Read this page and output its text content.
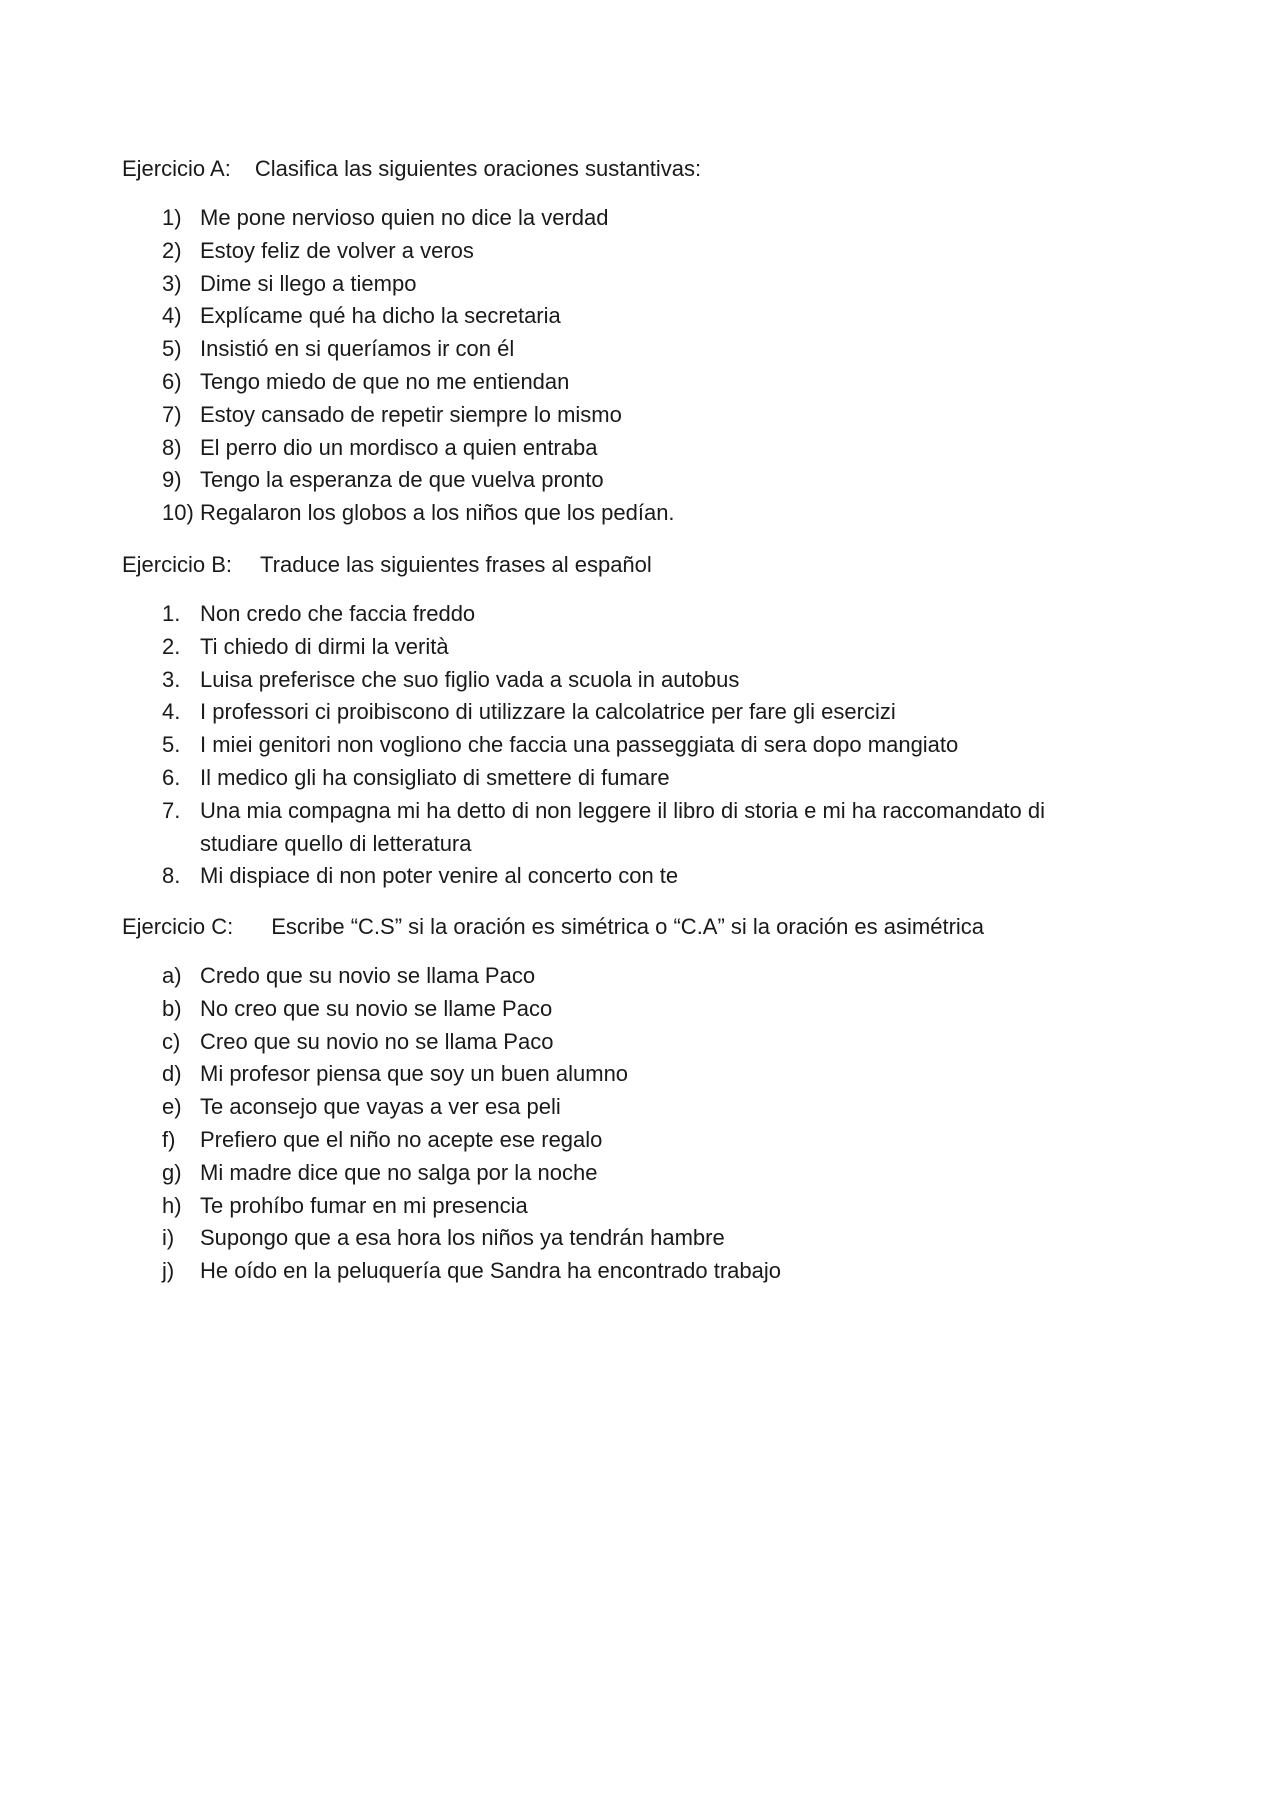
Ejercicio A: Clasifica las siguientes oraciones sustantivas:
1) Me pone nervioso quien no dice la verdad
2) Estoy feliz de volver a veros
3) Dime si llego a tiempo
4) Explícame qué ha dicho la secretaria
5) Insistió en si queríamos ir con él
6) Tengo miedo de que no me entiendan
7) Estoy cansado de repetir siempre lo mismo
8) El perro dio un mordisco a quien entraba
9) Tengo la esperanza de que vuelva pronto
10) Regalaron los globos a los niños que los pedían.
Ejercicio B: Traduce las siguientes frases al español
1. Non credo che faccia freddo
2. Ti chiedo di dirmi la verità
3. Luisa preferisce che suo figlio vada a scuola in autobus
4. I professori ci proibiscono di utilizzare la calcolatrice per fare gli esercizi
5. I miei genitori non vogliono che faccia una passeggiata di sera dopo mangiato
6. Il medico gli ha consigliato di smettere di fumare
7. Una mia compagna mi ha detto di non leggere il libro di storia e mi ha raccomandato di studiare quello di letteratura
8. Mi dispiace di non poter venire al concerto con te
Ejercicio C: Escribe “C.S” si la oración es simétrica o “C.A” si la oración es asimétrica
a) Credo que su novio se llama Paco
b) No creo que su novio se llame Paco
c) Creo que su novio no se llama Paco
d) Mi profesor piensa que soy un buen alumno
e) Te aconsejo que vayas a ver esa peli
f) Prefiero que el niño no acepte ese regalo
g) Mi madre dice que no salga por la noche
h) Te prohíbo fumar en mi presencia
i) Supongo que a esa hora los niños ya tendrán hambre
j) He oído en la peluquería que Sandra ha encontrado trabajo
